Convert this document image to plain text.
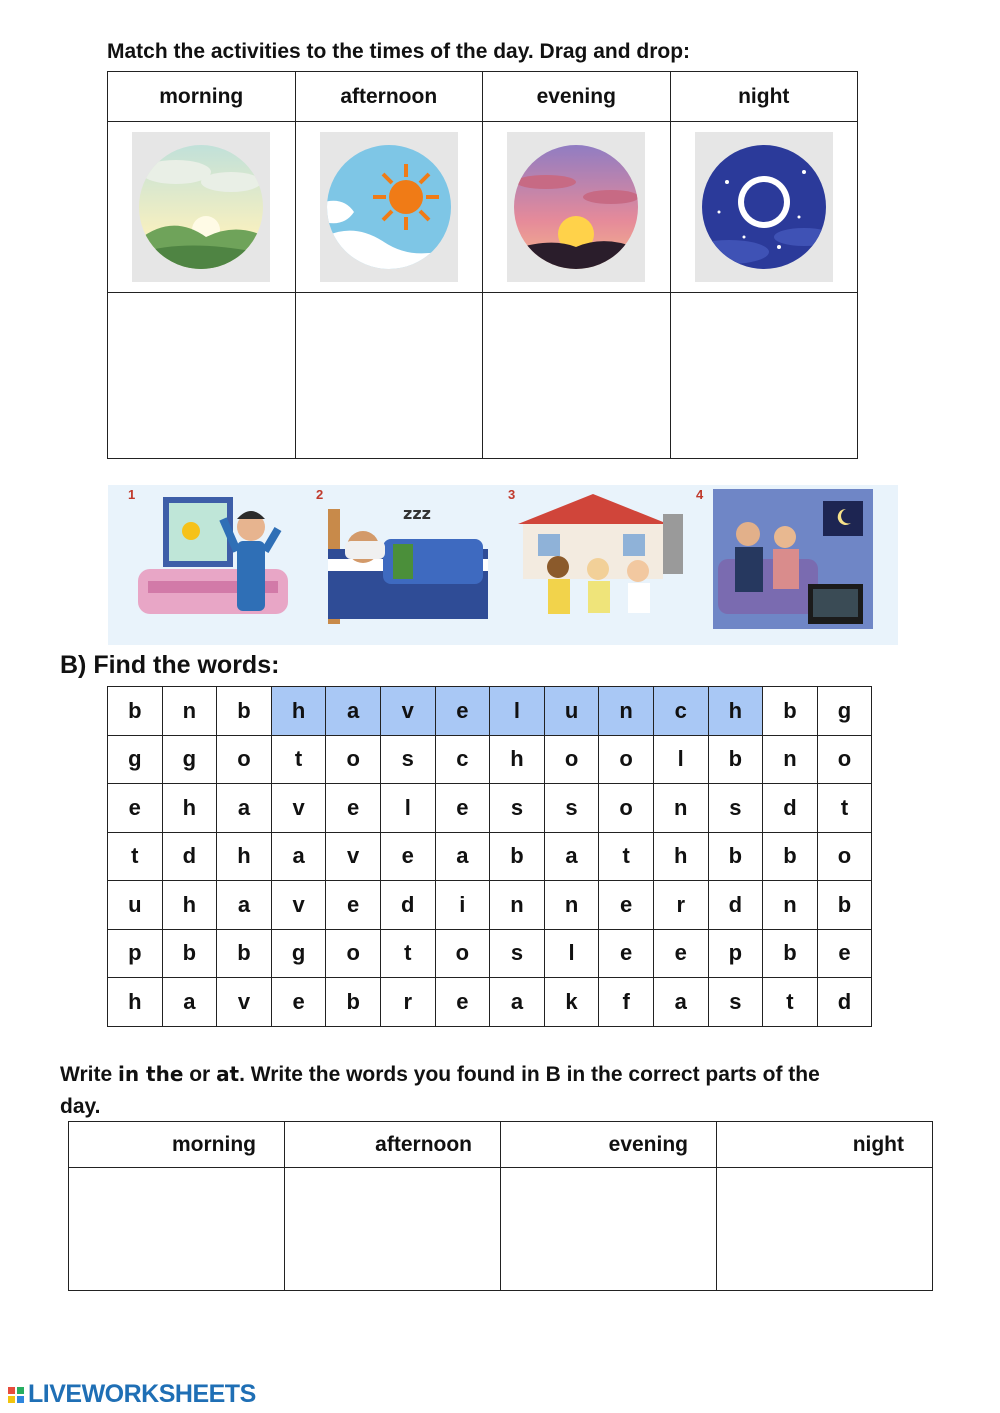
Match the activities to the times of the day. Drag and drop:
morning	afternoon	evening	night

1	2
zzz
3	4
B) Find the words:
b	n	b	h	a	v	e	l	u	n	c	h	b	g
g	g	o	t	o	s	c	h	o	o	l	b	n	o
e	h	a	v	e	l	e	s	s	o	n	s	d	t
t	d	h	a	v	e	a	b	a	t	h	b	b	o
u	h	a	v	e	d	i	n	n	e	r	d	n	b
p	b	b	g	o	t	o	s	l	e	e	p	b	e
h	a	v	e	b	r	e	a	k	f	a	s	t	d
Write in the or at. Write the words you found in B in the correct parts of the day.
morning	afternoon	evening	night

LIVEWORKSHEETS
